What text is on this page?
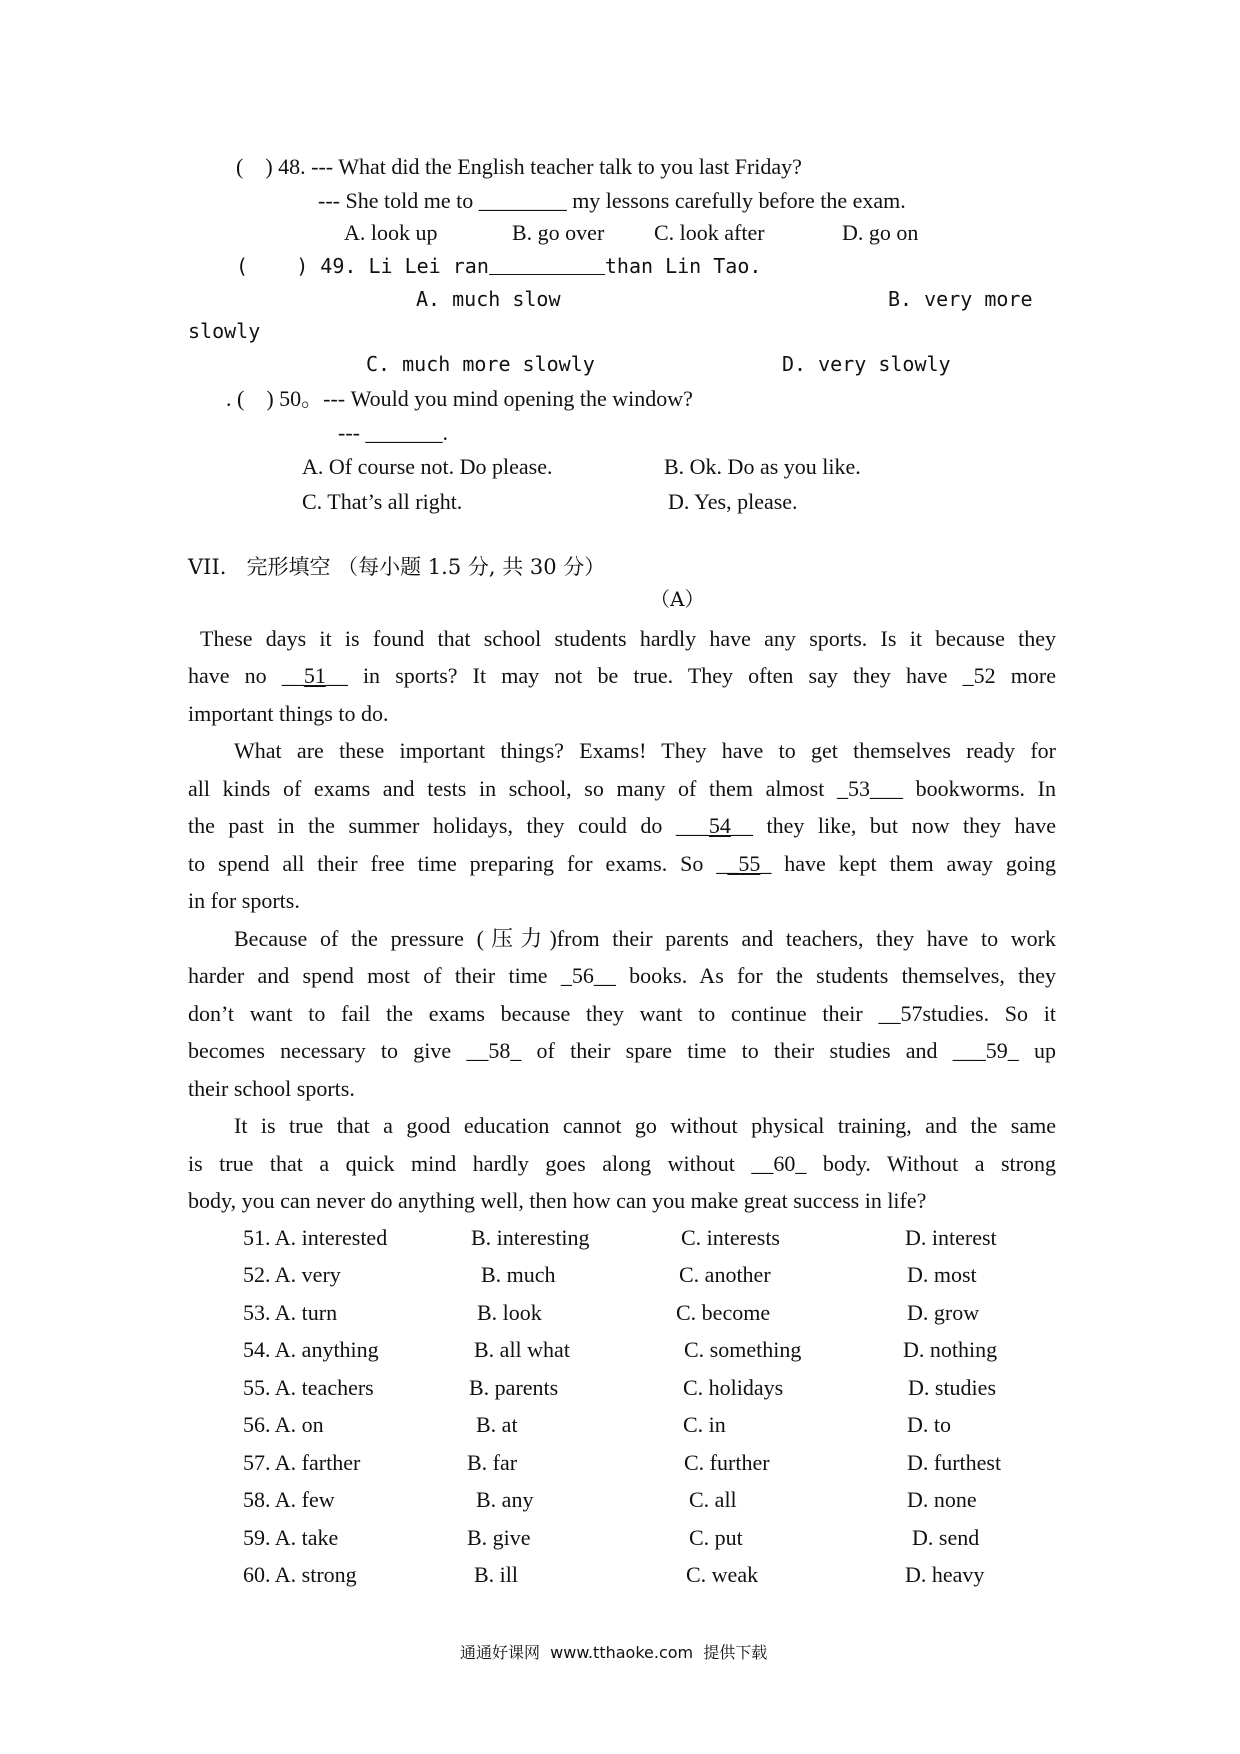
(    ) 48. --- What did the English teacher talk to you last Friday?
--- She told me to ________ my lessons carefully before the exam.
A. look up	B. go over C. look after	D. go on
(    ) 49. Li Lei ran	than Lin Tao.
A. much slow	B. very more
slowly
C. much more slowly	D. very slowly
. (    ) 50。--- Would you mind opening the window?
--- _______.
A. Of course not. Do please.	B. Ok. Do as you like.
C. That’s all right.	D. Yes, please.
VII.   完形填空 （每小题 1.5 分, 共 30 分）
（A）
These days it is found that school students hardly have any sports. Is it because they
have no __51__ in sports? It may not be true. They often say they have _52 more
important things to do.
What are these important things? Exams! They have to get themselves ready for
all kinds of exams and tests in school, so many of them almost _53___ bookworms. In
the past in the summer holidays, they could do ___54__ they like, but now they have
to spend all their free time preparing for exams. So __55_ have kept them away going
in for sports.
Because of the pressure (压力)from their parents and teachers, they have to work
harder and spend most of their time _56__ books. As for the students themselves, they
don’t want to fail the exams because they want to continue their __57studies. So it
becomes necessary to give __58_ of their spare time to their studies and ___59_ up
their school sports.
It is true that a good education cannot go without physical training, and the same
is true that a quick mind hardly goes along without __60_ body. Without a strong
body, you can never do anything well, then how can you make great success in life?
51. A. interested	B. interesting	C. interests	D. interest
52. A. very	B. much	C. another	D. most
53. A. turn	B. look	C. become	D. grow
54. A. anything	B. all what	C. something	D. nothing
55. A. teachers	B. parents	C. holidays	D. studies
56. A. on	B. at	C. in	D. to
57. A. farther	B. far	C. further	D. furthest
58. A. few	B. any	C. all	D. none
59. A. take	B. give	C. put	D. send
60. A. strong	B. ill	C. weak	D. heavy
通通好课网  www.tthaoke.com  提供下载
